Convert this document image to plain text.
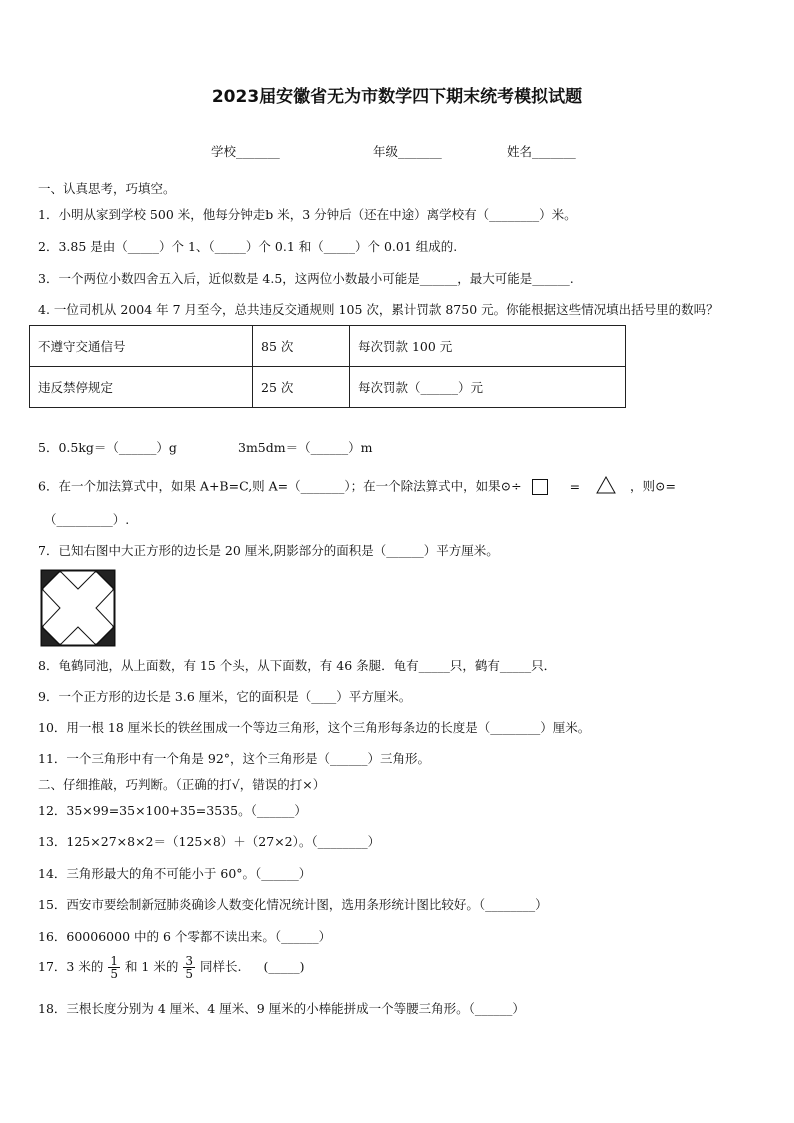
2023届安徽省无为市数学四下期末统考模拟试题
学校_______	年级_______	姓名_______
一、认真思考，巧填空。
1．小明从家到学校 500 米，他每分钟走b 米，3 分钟后（还在中途）离学校有（________）米。
2．3.85 是由（_____）个 1、（_____）个 0.1 和（_____）个 0.01 组成的.
3．一个两位小数四舍五入后，近似数是 4.5，这两位小数最小可能是______，最大可能是______.
4. 一位司机从 2004 年 7 月至今，总共违反交通规则 105 次，累计罚款 8750 元。你能根据这些情况填出括号里的数吗？
不遵守交通信号	85 次	每次罚款 100 元
违反禁停规定	25 次	每次罚款（______）元
5．0.5kg＝（______）g	3m5dm＝（______）m
6．在一个加法算式中，如果 A+B=C,则 A=（_______）；在一个除法算式中，如果⊙÷	=	，则⊙=
（_________）.
7．已知右图中大正方形的边长是 20 厘米,阴影部分的面积是（______）平方厘米。
8．龟鹤同池，从上面数，有 15 个头，从下面数，有 46 条腿．龟有_____只，鹤有_____只．
9．一个正方形的边长是 3.6 厘米，它的面积是（____）平方厘米。
10．用一根 18 厘米长的铁丝围成一个等边三角形，这个三角形每条边的长度是（________）厘米。
11．一个三角形中有一个角是 92°，这个三角形是（______）三角形。
二、仔细推敲，巧判断。（正确的打√，错误的打×）
12．35×99=35×100+35=3535。（______）
13．125×27×8×2＝（125×8）＋（27×2）。（________）
14．三角形最大的角不可能小于 60°。（______）
15．西安市要绘制新冠肺炎确诊人数变化情况统计图，选用条形统计图比较好。（________）
16．60006000 中的 6 个零都不读出来。（______）
17．3 米的 $\frac{1}{5}$ 和 1 米的 $\frac{3}{5}$ 同样长. (_____)
18．三根长度分别为 4 厘米、4 厘米、9 厘米的小棒能拼成一个等腰三角形。（______）
